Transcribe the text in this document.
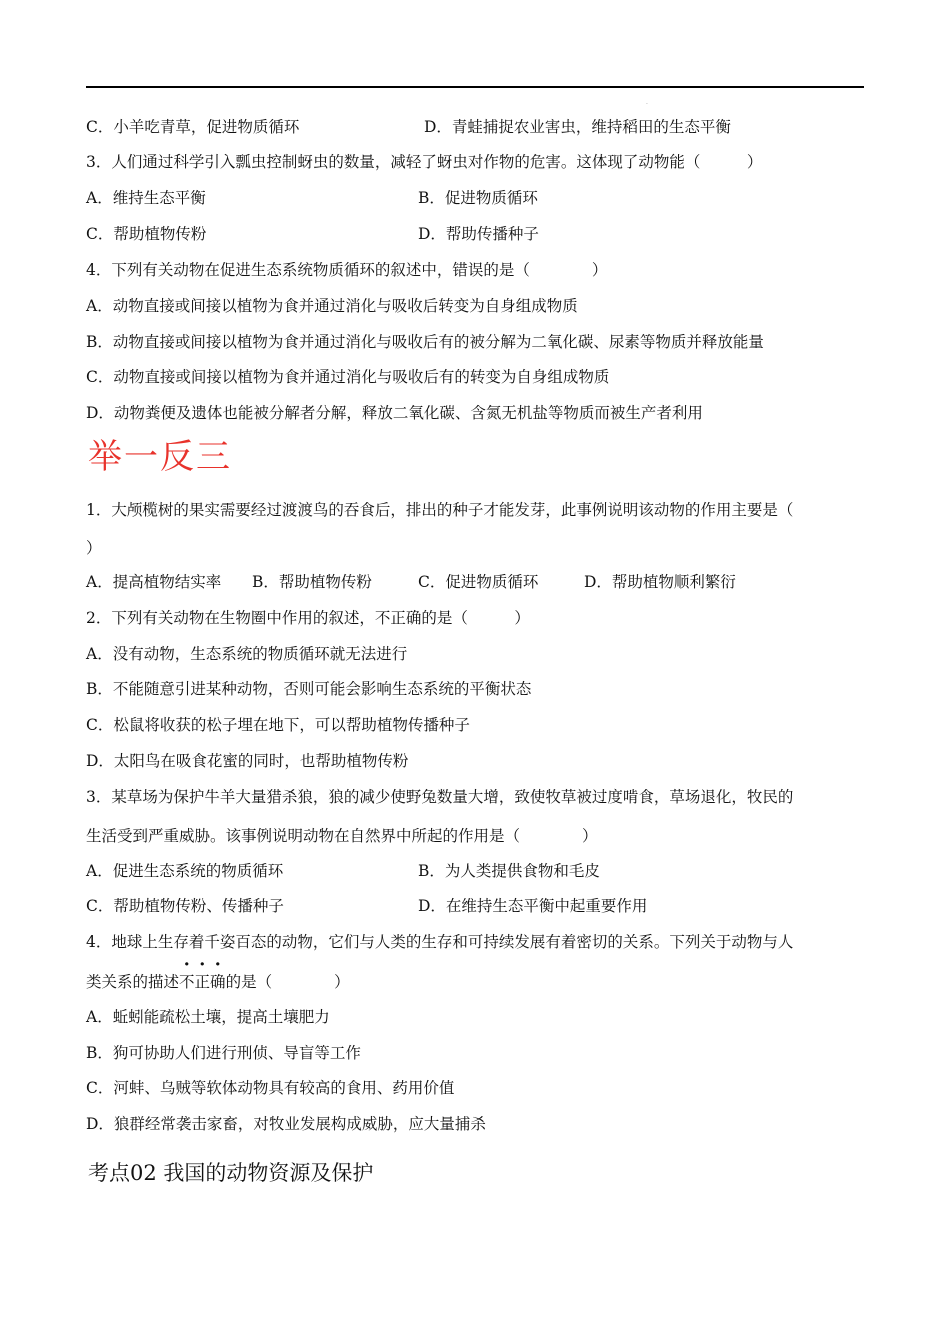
.
C．小羊吃青草，促进物质循环	D．青蛙捕捉农业害虫，维持稻田的生态平衡
3．人们通过科学引入瓢虫控制蚜虫的数量，减轻了蚜虫对作物的危害。这体现了动物能（　　　）
A．维持生态平衡	B．促进物质循环
C．帮助植物传粉	D．帮助传播种子
4．下列有关动物在促进生态系统物质循环的叙述中，错误的是（　　　　）
A．动物直接或间接以植物为食并通过消化与吸收后转变为自身组成物质
B．动物直接或间接以植物为食并通过消化与吸收后有的被分解为二氧化碳、尿素等物质并释放能量
C．动物直接或间接以植物为食并通过消化与吸收后有的转变为自身组成物质
D．动物粪便及遗体也能被分解者分解，释放二氧化碳、含氮无机盐等物质而被生产者利用
举一反三
1．大颅榄树的果实需要经过渡渡鸟的吞食后，排出的种子才能发芽，此事例说明该动物的作用主要是（
）
A．提高植物结实率 B．帮助植物传粉	C．促进物质循环	D．帮助植物顺利繁衍
2．下列有关动物在生物圈中作用的叙述，不正确的是（　　　）
A．没有动物，生态系统的物质循环就无法进行
B．不能随意引进某种动物，否则可能会影响生态系统的平衡状态
C．松鼠将收获的松子埋在地下，可以帮助植物传播种子
D．太阳鸟在吸食花蜜的同时，也帮助植物传粉
3．某草场为保护牛羊大量猎杀狼，狼的减少使野兔数量大增，致使牧草被过度啃食，草场退化，牧民的
生活受到严重威胁。该事例说明动物在自然界中所起的作用是（　　　　）
A．促进生态系统的物质循环	B．为人类提供食物和毛皮
C．帮助植物传粉、传播种子	D．在维持生态平衡中起重要作用
4．地球上生存着千姿百态的动物，它们与人类的生存和可持续发展有着密切的关系。下列关于动物与人
类关系的描述不正确的是（　　　　）
A．蚯蚓能疏松土壤，提高土壤肥力
B．狗可协助人们进行刑侦、导盲等工作
C．河蚌、乌贼等软体动物具有较高的食用、药用价值
D．狼群经常袭击家畜，对牧业发展构成威胁，应大量捕杀
考点02 我国的动物资源及保护
